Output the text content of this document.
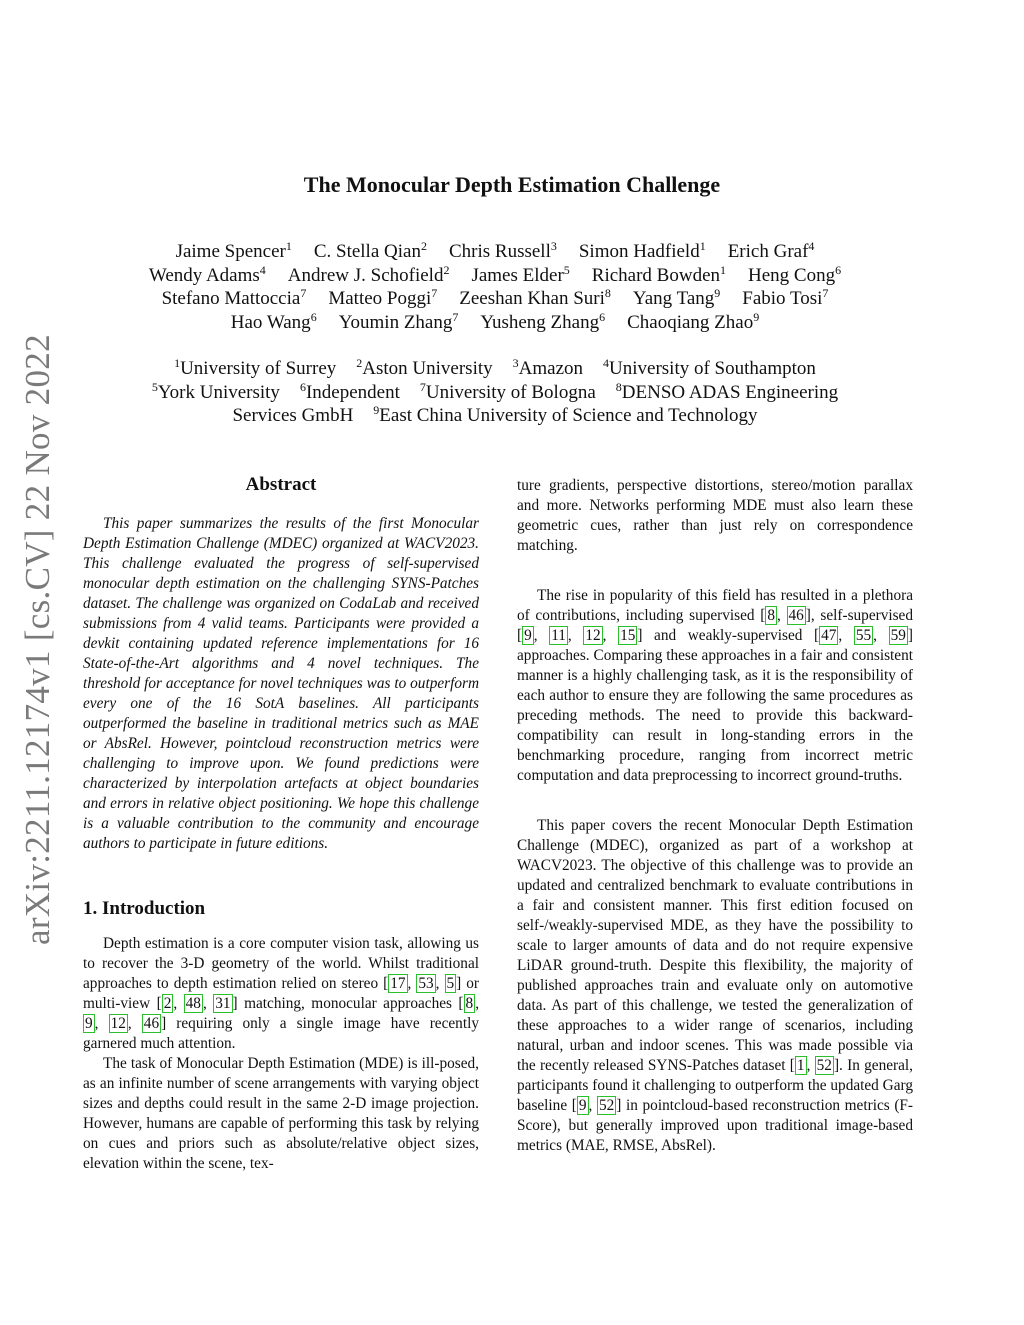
arXiv:2211.12174v1 [cs.CV] 22 Nov 2022
The Monocular Depth Estimation Challenge
Jaime Spencer$^1$ C. Stella Qian$^2$ Chris Russell$^3$ Simon Hadfield$^1$ Erich Graf$^4$
Wendy Adams$^4$ Andrew J. Schofield$^2$ James Elder$^5$ Richard Bowden$^1$ Heng Cong$^6$
Stefano Mattoccia$^7$ Matteo Poggi$^7$ Zeeshan Khan Suri$^8$ Yang Tang$^9$ Fabio Tosi$^7$
Hao Wang$^6$ Youmin Zhang$^7$ Yusheng Zhang$^6$ Chaoqiang Zhao$^9$
$^1$University of Surrey $^2$Aston University $^3$Amazon $^4$University of Southampton
$^5$York University $^6$Independent $^7$University of Bologna $^8$DENSO ADAS Engineering
Services GmbH $^9$East China University of Science and Technology
Abstract

This paper summarizes the results of the first Monocular Depth Estimation Challenge (MDEC) organized at WACV2023. This challenge evaluated the progress of self-supervised monocular depth estimation on the challenging SYNS-Patches dataset. The challenge was organized on CodaLab and received submissions from 4 valid teams. Participants were provided a devkit containing updated reference implementations for 16 State-of-the-Art algorithms and 4 novel techniques. The threshold for acceptance for novel techniques was to outperform every one of the 16 SotA baselines. All participants outperformed the baseline in traditional metrics such as MAE or AbsRel. However, pointcloud reconstruction metrics were challenging to improve upon. We found predictions were characterized by interpolation artefacts at object boundaries and errors in relative object positioning. We hope this challenge is a valuable contribution to the community and encourage authors to participate in future editions.

1. Introduction

Depth estimation is a core computer vision task, allowing us to recover the 3-D geometry of the world. Whilst traditional approaches to depth estimation relied on stereo [ 17 , 53 , 5 ] or multi-view [ 2 , 48 , 31 ] matching, monocular approaches [ 8 , 9 , 12 , 46 ] requiring only a single image have recently garnered much attention.

The task of Monocular Depth Estimation (MDE) is ill-posed, as an infinite number of scene arrangements with varying object sizes and depths could result in the same 2-D image projection. However, humans are capable of performing this task by relying on cues and priors such as absolute/relative object sizes, elevation within the scene, tex-

ture gradients, perspective distortions, stereo/motion parallax and more. Networks performing MDE must also learn these geometric cues, rather than just rely on correspondence matching.

The rise in popularity of this field has resulted in a plethora of contributions, including supervised [ 8 , 46 ], self-supervised [ 9 , 11 , 12 , 15 ] and weakly-supervised [ 47 , 55 , 59 ] approaches. Comparing these approaches in a fair and consistent manner is a highly challenging task, as it is the responsibility of each author to ensure they are following the same procedures as preceding methods. The need to provide this backward-compatibility can result in long-standing errors in the benchmarking procedure, ranging from incorrect metric computation and data preprocessing to incorrect ground-truths.

This paper covers the recent Monocular Depth Estimation Challenge (MDEC), organized as part of a workshop at WACV2023. The objective of this challenge was to provide an updated and centralized benchmark to evaluate contributions in a fair and consistent manner. This first edition focused on self-/weakly-supervised MDE, as they have the possibility to scale to larger amounts of data and do not require expensive LiDAR ground-truth. Despite this flexibility, the majority of published approaches train and evaluate only on automotive data. As part of this challenge, we tested the generalization of these approaches to a wider range of scenarios, including natural, urban and indoor scenes. This was made possible via the recently released SYNS-Patches dataset [ 1 , 52 ]. In general, participants found it challenging to outperform the updated Garg baseline [ 9 , 52 ] in pointcloud-based reconstruction metrics (F-Score), but generally improved upon traditional image-based metrics (MAE, RMSE, AbsRel).
